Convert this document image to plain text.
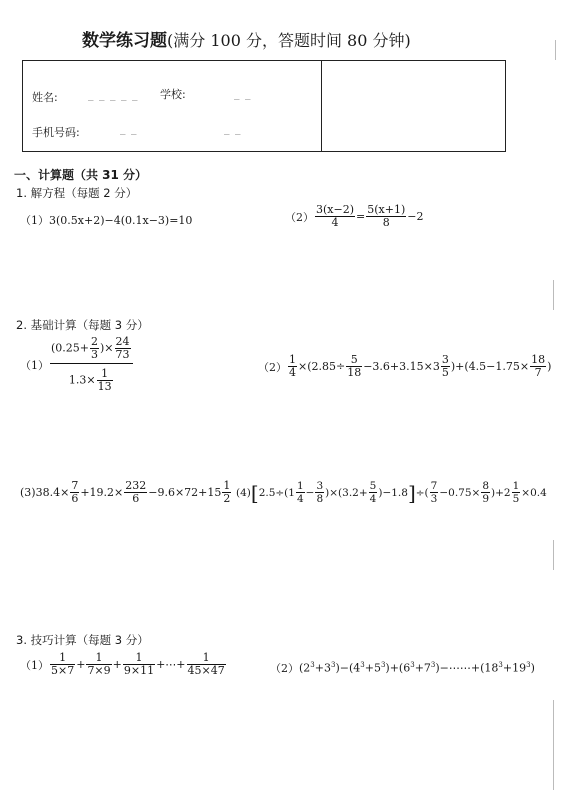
数学练习题(满分 100 分，答题时间 80 分钟)
姓名:	_ _ _ _ _ 学校:	_ _
手机号码:	_ _	_ _
一、计算题（共 31 分）
1. 解方程（每题 2 分）
（1）3(0.5x+2)−4(0.1x−3)=10	$(2) \frac{3(x-2)}{4} = \frac{5(x+1)}{8} -2$
2. 基础计算（每题 3 分）
$(1) \frac{(0.25+ \frac{2}{3} )\times \frac{24}{73}}{1.3\times \frac{1}{13}}$	$(2) \frac{1}{4} \times(2.85\div \frac{5}{18} -3.6+3.15\times 3 \frac{3}{5} )+(4.5-1.75\times \frac{18}{7}$ )
(3) $38.4\times \frac{7}{6} +19.2\times \frac{232}{6} -9.6\times 72+15 \frac{1}{2} (4)$ [ $2.5\div(1 \frac{1}{4} - \frac{3}{8} )\times(3.2+ \frac{5}{4} )-1.8$ ] ÷( $\frac{7}{3} -0.75\times \frac{8}{9} )+2 \frac{1}{5} \times 0.4$
3. 技巧计算（每题 3 分）
$(1) \frac{1}{5\times 7} + \frac{1}{7\times 9} + \frac{1}{9\times 11}$ +⋯+ $\frac{1}{45\times 47}$	（2） $(2^3+3^3)-(4^3+5^3)+(6^3+7^3)-\cdots\cdots+(18^3+19^3)$
